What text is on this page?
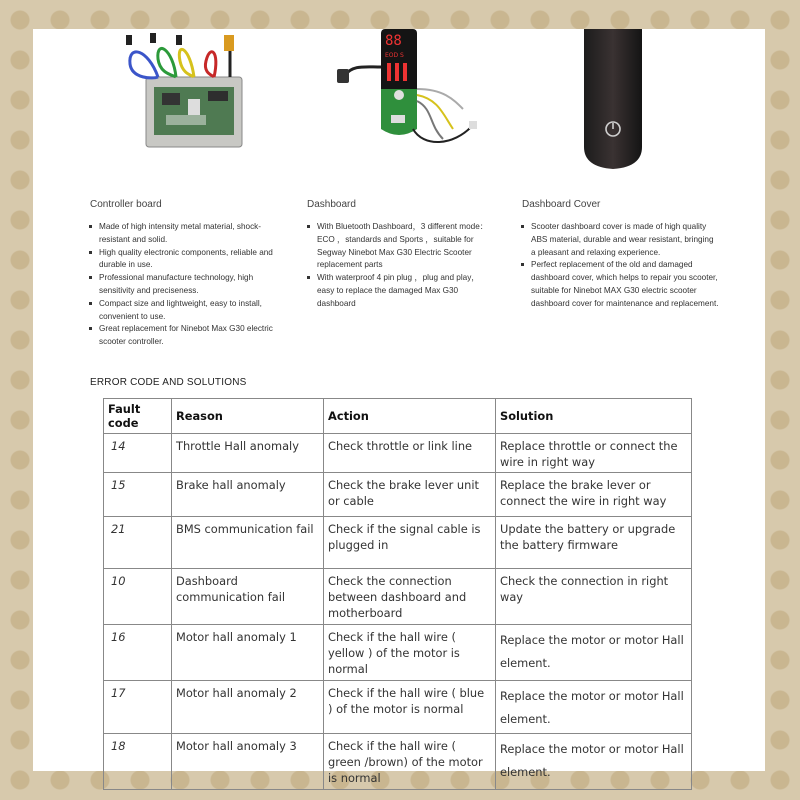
Controller board
Made of high intensity metal material, shock-resistant and solid.
High quality electronic components, reliable and durable in use.
Professional manufacture technology, high sensitivity and preciseness.
Compact size and lightweight, easy to install, convenient to use.
Great replacement for Ninebot Max G30 electric scooter controller.
88
EOD S
Dashboard
With Bluetooth Dashboard，3 different mode： ECO ，standards and Sports ，suitable for Segway Ninebot Max G30 Electric Scooter replacement parts
With waterproof 4 pin plug ，plug and play， easy to replace the damaged Max G30 dashboard
Dashboard Cover
Scooter dashboard cover is made of high quality ABS material, durable and wear resistant, bringing a pleasant and relaxing experience.
Perfect replacement of the old and damaged dashboard cover, which helps to repair you scooter, suitable for Ninebot MAX G30 electric scooter dashboard cover for maintenance and replacement.
ERROR CODE AND SOLUTIONS
Fault code	Reason	Action	Solution
14	Throttle Hall anomaly	Check throttle or link line	Replace throttle or connect the wire in right way
15	Brake hall anomaly	Check the brake lever unit or cable	Replace the brake lever or connect the wire in right way
21	BMS communication fail	Check if the signal cable is plugged in	Update the battery or upgrade the battery firmware
10	Dashboard communication fail	Check the connection between dashboard and motherboard	Check the connection in right way
16	Motor hall anomaly 1	Check if the hall wire ( yellow ) of the motor is normal	Replace the motor or motor Hall element.
17	Motor hall anomaly 2	Check if the hall wire ( blue ) of the motor is normal	Replace the motor or motor Hall element.
18	Motor hall anomaly 3	Check if the hall wire ( green /brown) of the motor is normal	Replace the motor or motor Hall element.
